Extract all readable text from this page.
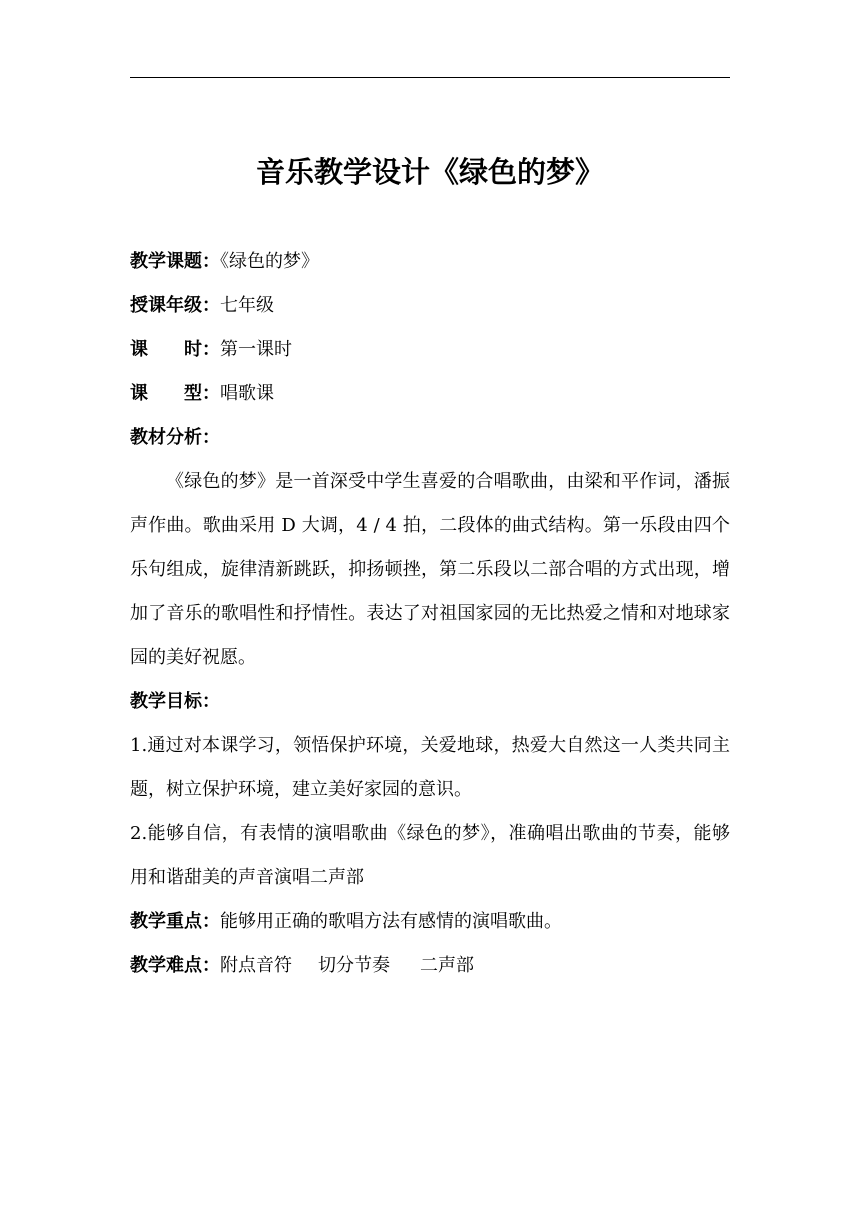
音乐教学设计《绿色的梦》

教学课题：《绿色的梦》

授课年级：七年级

课　　时：第一课时

课　　型：唱歌课

教材分析：

《绿色的梦》是一首深受中学生喜爱的合唱歌曲，由梁和平作词，潘振声作曲。歌曲采用 D 大调，4 / 4 拍，二段体的曲式结构。第一乐段由四个乐句组成，旋律清新跳跃，抑扬顿挫，第二乐段以二部合唱的方式出现，增加了音乐的歌唱性和抒情性。表达了对祖国家园的无比热爱之情和对地球家园的美好祝愿。

教学目标：

1.通过对本课学习，领悟保护环境，关爱地球，热爱大自然这一人类共同主题，树立保护环境，建立美好家园的意识。

2.能够自信，有表情的演唱歌曲《绿色的梦》，准确唱出歌曲的节奏，能够用和谐甜美的声音演唱二声部

教学重点：能够用正确的歌唱方法有感情的演唱歌曲。

教学难点：附点音符 切分节奏 二声部
